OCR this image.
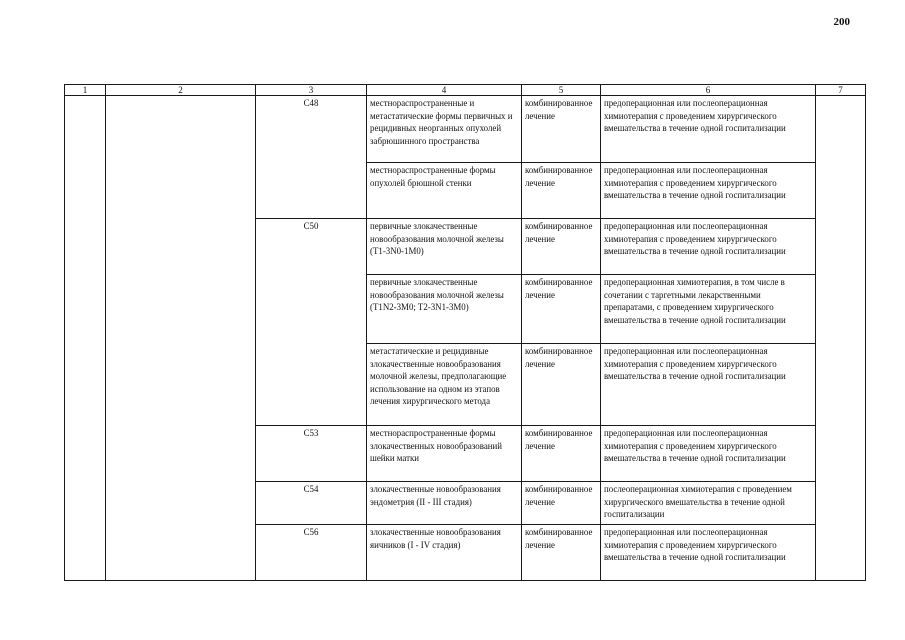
200
1	2	3	4	5	6	7
		C48	местнораспространенные и метастатические формы первичных и рецидивных неорганных опухолей забрюшинного пространства	комбинированное лечение	предоперационная или послеоперационная химиотерапия с проведением хирургического вмешательства в течение одной госпитализации	
			местнораспространенные формы опухолей брюшной стенки	комбинированное лечение	предоперационная или послеоперационная химиотерапия с проведением хирургического вмешательства в течение одной госпитализации	
		C50	первичные злокачественные новообразования молочной железы (T1-3N0-1M0)	комбинированное лечение	предоперационная или послеоперационная химиотерапия с проведением хирургического вмешательства в течение одной госпитализации	
			первичные злокачественные новообразования молочной железы (T1N2-3M0; T2-3N1-3M0)	комбинированное лечение	предоперационная химиотерапия, в том числе в сочетании с таргетными лекарственными препаратами, с проведением хирургического вмешательства в течение одной госпитализации	
			метастатические и рецидивные злокачественные новообразования молочной железы, предполагающие использование на одном из этапов лечения хирургического метода	комбинированное лечение	предоперационная или послеоперационная химиотерапия с проведением хирургического вмешательства в течение одной госпитализации	
		C53	местнораспространенные формы злокачественных новообразований шейки матки	комбинированное лечение	предоперационная или послеоперационная химиотерапия с проведением хирургического вмешательства в течение одной госпитализации	
		C54	злокачественные новообразования эндометрия (II - III стадия)	комбинированное лечение	послеоперационная химиотерапия с проведением хирургического вмешательства в течение одной госпитализации	
		C56	злокачественные новообразования яичников (I - IV стадия)	комбинированное лечение	предоперационная или послеоперационная химиотерапия с проведением хирургического вмешательства в течение одной госпитализации	
